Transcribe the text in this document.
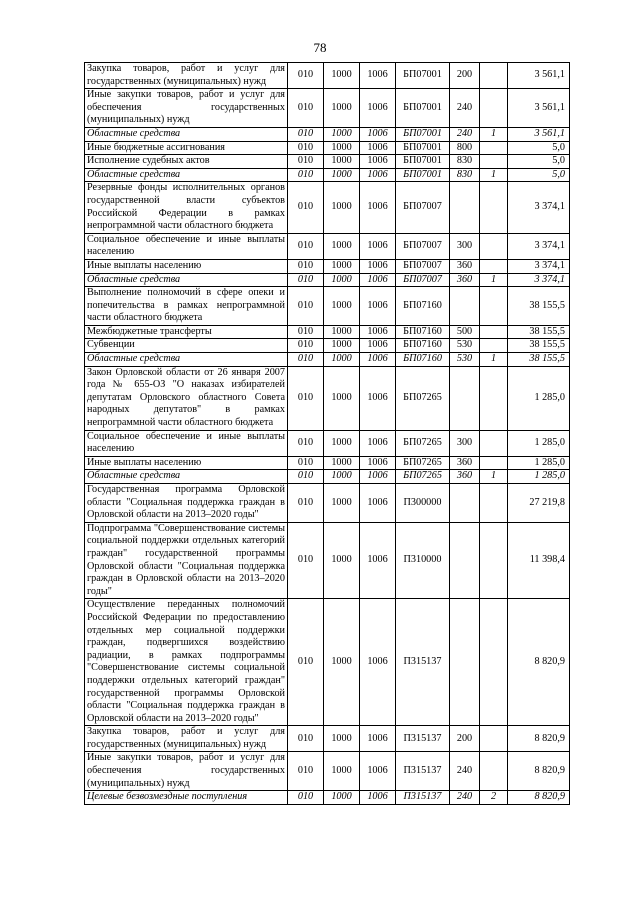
78
Закупка товаров, работ и услуг для государственных (муниципальных) нужд	010	1000	1006	БП07001	200		3 561,1
Иные закупки товаров, работ и услуг для обеспечения государственных (муниципальных) нужд	010	1000	1006	БП07001	240		3 561,1
Областные средства	010	1000	1006	БП07001	240	1	3 561,1
Иные бюджетные ассигнования	010	1000	1006	БП07001	800		5,0
Исполнение судебных актов	010	1000	1006	БП07001	830		5,0
Областные средства	010	1000	1006	БП07001	830	1	5,0
Резервные фонды исполнительных органов государственной власти субъектов Российской Федерации в рамках непрограммной части областного бюджета	010	1000	1006	БП07007			3 374,1
Социальное обеспечение и иные выплаты населению	010	1000	1006	БП07007	300		3 374,1
Иные выплаты населению	010	1000	1006	БП07007	360		3 374,1
Областные средства	010	1000	1006	БП07007	360	1	3 374,1
Выполнение полномочий в сфере опеки и попечительства в рамках непрограммной части областного бюджета	010	1000	1006	БП07160			38 155,5
Межбюджетные трансферты	010	1000	1006	БП07160	500		38 155,5
Субвенции	010	1000	1006	БП07160	530		38 155,5
Областные средства	010	1000	1006	БП07160	530	1	38 155,5
Закон Орловской области от 26 января 2007 года № 655-ОЗ "О наказах избирателей депутатам Орловского областного Совета народных депутатов" в рамках непрограммной части областного бюджета	010	1000	1006	БП07265			1 285,0
Социальное обеспечение и иные выплаты населению	010	1000	1006	БП07265	300		1 285,0
Иные выплаты населению	010	1000	1006	БП07265	360		1 285,0
Областные средства	010	1000	1006	БП07265	360	1	1 285,0
Государственная программа Орловской области "Социальная поддержка граждан в Орловской области на 2013–2020 годы"	010	1000	1006	П300000			27 219,8
Подпрограмма "Совершенствование системы социальной поддержки отдельных категорий граждан" государственной программы Орловской области "Социальная поддержка граждан в Орловской области на 2013–2020 годы"	010	1000	1006	П310000			11 398,4
Осуществление переданных полномочий Российской Федерации по предоставлению отдельных мер социальной поддержки граждан, подвергшихся воздействию радиации, в рамках подпрограммы "Совершенствование системы социальной поддержки отдельных категорий граждан" государственной программы Орловской области "Социальная поддержка граждан в Орловской области на 2013–2020 годы"	010	1000	1006	П315137			8 820,9
Закупка товаров, работ и услуг для государственных (муниципальных) нужд	010	1000	1006	П315137	200		8 820,9
Иные закупки товаров, работ и услуг для обеспечения государственных (муниципальных) нужд	010	1000	1006	П315137	240		8 820,9
Целевые безвозмездные поступления	010	1000	1006	П315137	240	2	8 820,9
